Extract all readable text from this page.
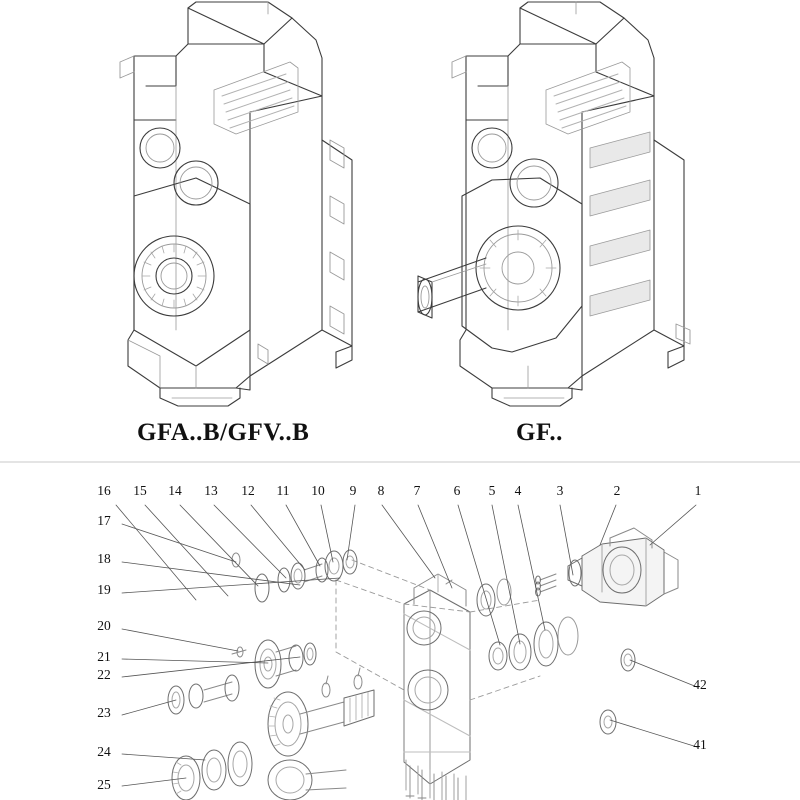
GFA..B/GFV..B	GF..
16 15 14 13 12 11 10	9	8	7	6	5	4	3	2	1
17
18
19
20
21
22
23
24
25
42
41
